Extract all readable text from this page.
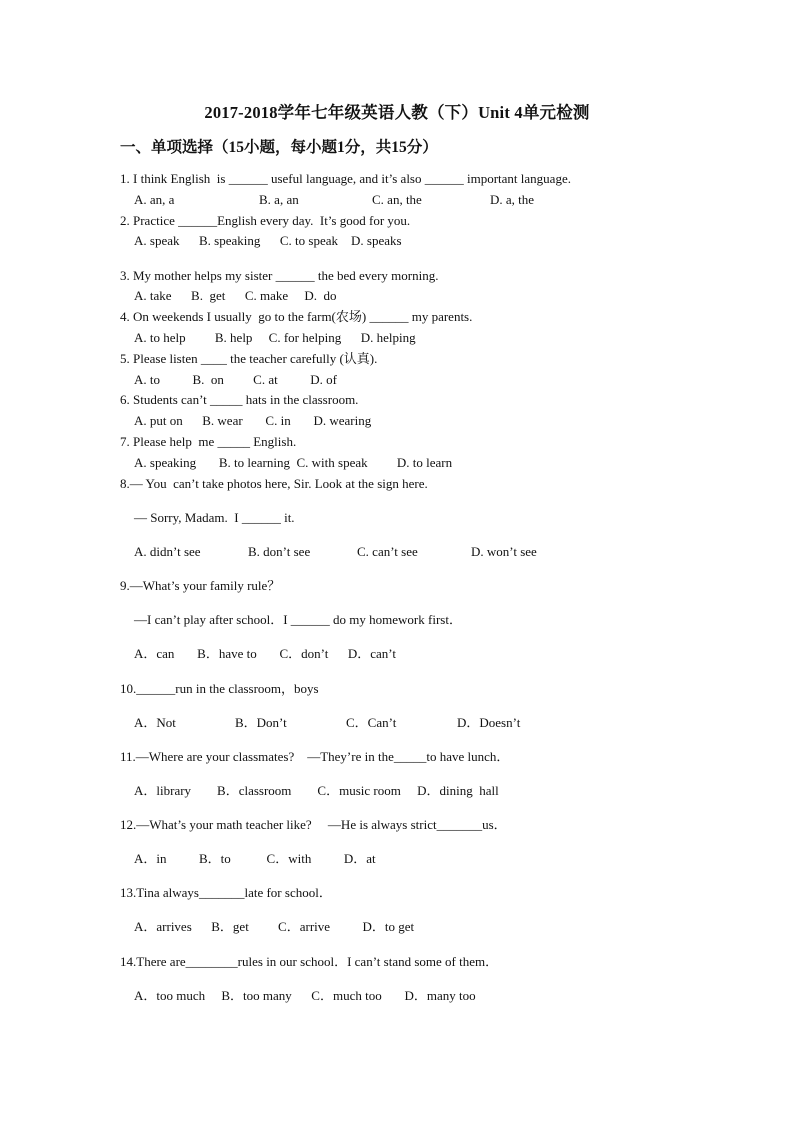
2017-2018学年七年级英语人教（下）Unit 4单元检测
一、单项选择（15小题，每小题1分，共15分）
1. I think English  is ______ useful language, and it’s also ______ important language.
A. an, a	B. a, an	C. an, the	D. a, the
2. Practice ______English every day.  It’s good for you.
A. speak      B. speaking      C. to speak    D. speaks
3. My mother helps my sister ______ the bed every morning.
A. take      B.  get      C. make     D.  do
4. On weekends I usually  go to the farm(农场) ______ my parents.
A. to help         B. help     C. for helping      D. helping
5. Please listen ____ the teacher carefully (认真).
A. to          B.  on         C. at          D. of
6. Students can’t _____ hats in the classroom.
A. put on      B. wear       C. in       D. wearing
7. Please help  me _____ English.
A. speaking       B. to learning  C. with speak         D. to learn
8.— You  can’t take photos here, Sir. Look at the sign here.
— Sorry, Madam.  I ______ it.
A. didn’t see	B. don’t see	C. can’t see	D. won’t see
9.—What’s your family rule？
—I can’t play after school．I ______ do my homework first．
A．can       B．have to       C．don’t      D．can’t
10.______run in the classroom，boys
A．Not	B．Don’t	C．Can’t	D．Doesn’t
11.—Where are your classmates?    —They’re in the_____to have lunch．
A．library        B．classroom        C．music room     D．dining  hall
12.—What’s your math teacher like?     —He is always strict_______us．
A．in          B．to           C．with          D．at
13.Tina always_______late for school．
A．arrives      B．get         C．arrive          D．to get
14.There are________rules in our school．I can’t stand some of them．
A．too much     B．too many      C．much too       D．many too
